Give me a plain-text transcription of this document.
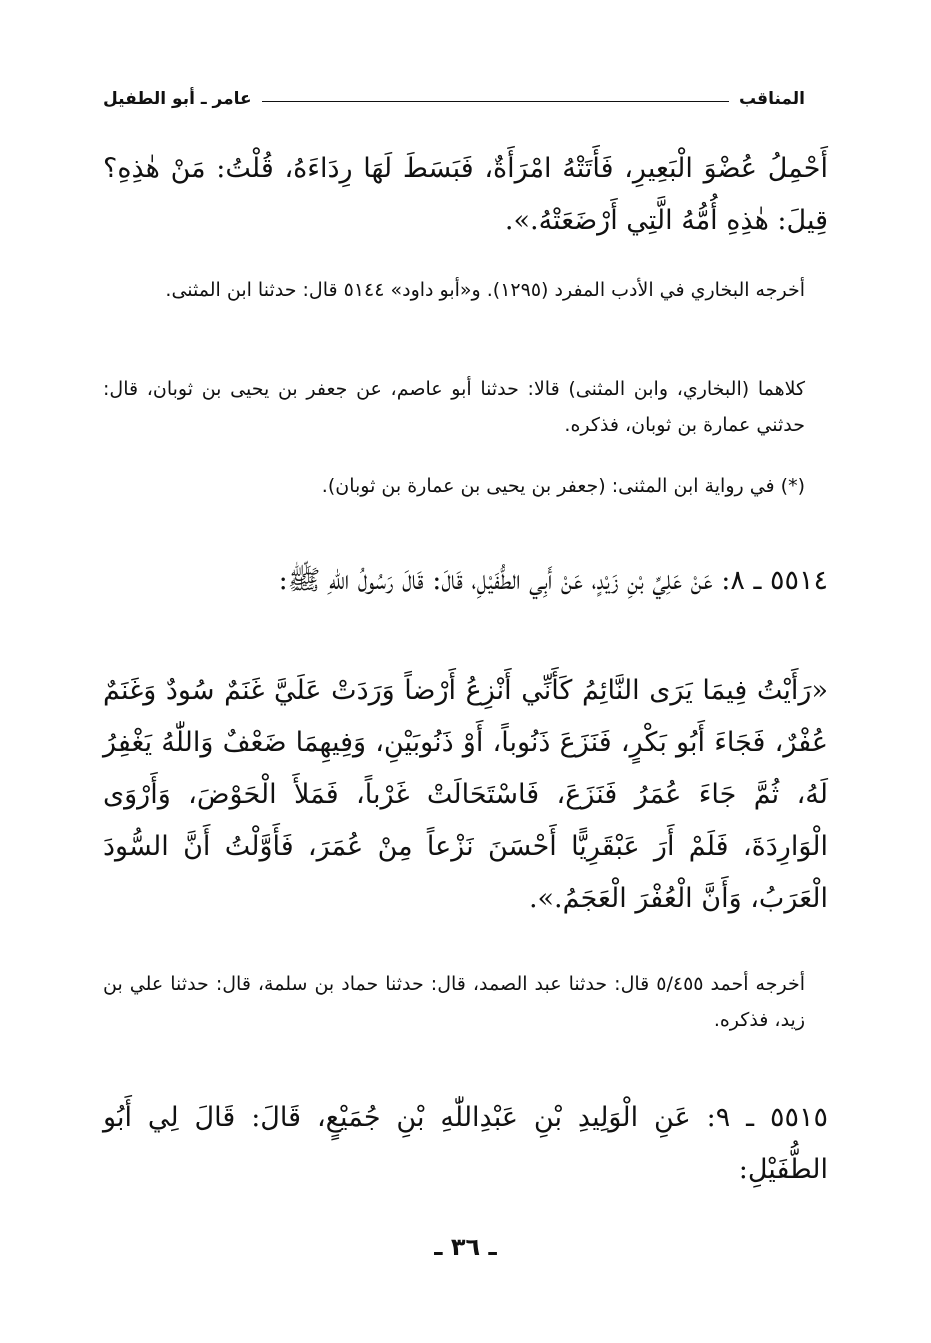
المناقب
عامر ـ أبو الطفيل
أَحْمِلُ عُضْوَ الْبَعِيرِ، فَأَتَتْهُ امْرَأَةٌ، فَبَسَطَ لَهَا رِدَاءَهُ، قُلْتُ: مَنْ هٰذِهِ؟ قِيلَ: هٰذِهِ أُمُّهُ الَّتِي أَرْضَعَتْهُ.».

أخرجه البخاري في الأدب المفرد (١٢٩٥). و«أبو داود» ٥١٤٤ قال: حدثنا ابن المثنى.

كلاهما (البخاري، وابن المثنى) قالا: حدثنا أبو عاصم، عن جعفر بن يحيى بن ثوبان، قال: حدثني عمارة بن ثوبان، فذكره.

(*) في رواية ابن المثنى: (جعفر بن يحيى بن عمارة بن ثوبان).
٥٥١٤ ـ ٨: عَنْ عَلِيِّ بْنِ زَيْدٍ، عَنْ أَبِي الطُّفَيْلِ، قَالَ: قَالَ رَسُولُ اللّٰهِ ﷺ:
«رَأَيْتُ فِيمَا يَرَى النَّائِمُ كَأَنِّي أَنْزِعُ أَرْضاً وَرَدَتْ عَلَيَّ غَنَمٌ سُودٌ وَغَنَمٌ عُفْرٌ، فَجَاءَ أَبُو بَكْرٍ، فَنَزَعَ ذَنُوباً، أَوْ ذَنُوبَيْنِ، وَفِيهِمَا ضَعْفٌ وَاللّٰهُ يَغْفِرُ لَهُ، ثُمَّ جَاءَ عُمَرُ فَنَزَعَ، فَاسْتَحَالَتْ غَرْباً، فَمَلأَ الْحَوْضَ، وَأَرْوَى الْوَارِدَةَ، فَلَمْ أَرَ عَبْقَرِيًّا أَحْسَنَ نَزْعاً مِنْ عُمَرَ، فَأَوَّلْتُ أَنَّ السُّودَ الْعَرَبُ، وَأَنَّ الْعُفْرَ الْعَجَمُ.».
أخرجه أحمد ٥/٤٥٥ قال: حدثنا عبد الصمد، قال: حدثنا حماد بن سلمة، قال: حدثنا علي بن زيد، فذكره.
٥٥١٥ ـ ٩: عَنِ الْوَلِيدِ بْنِ عَبْدِاللّٰهِ بْنِ جُمَيْعٍ، قَالَ: قَالَ لِي أَبُو الطُّفَيْلِ:
ـ ٣٦ ـ
